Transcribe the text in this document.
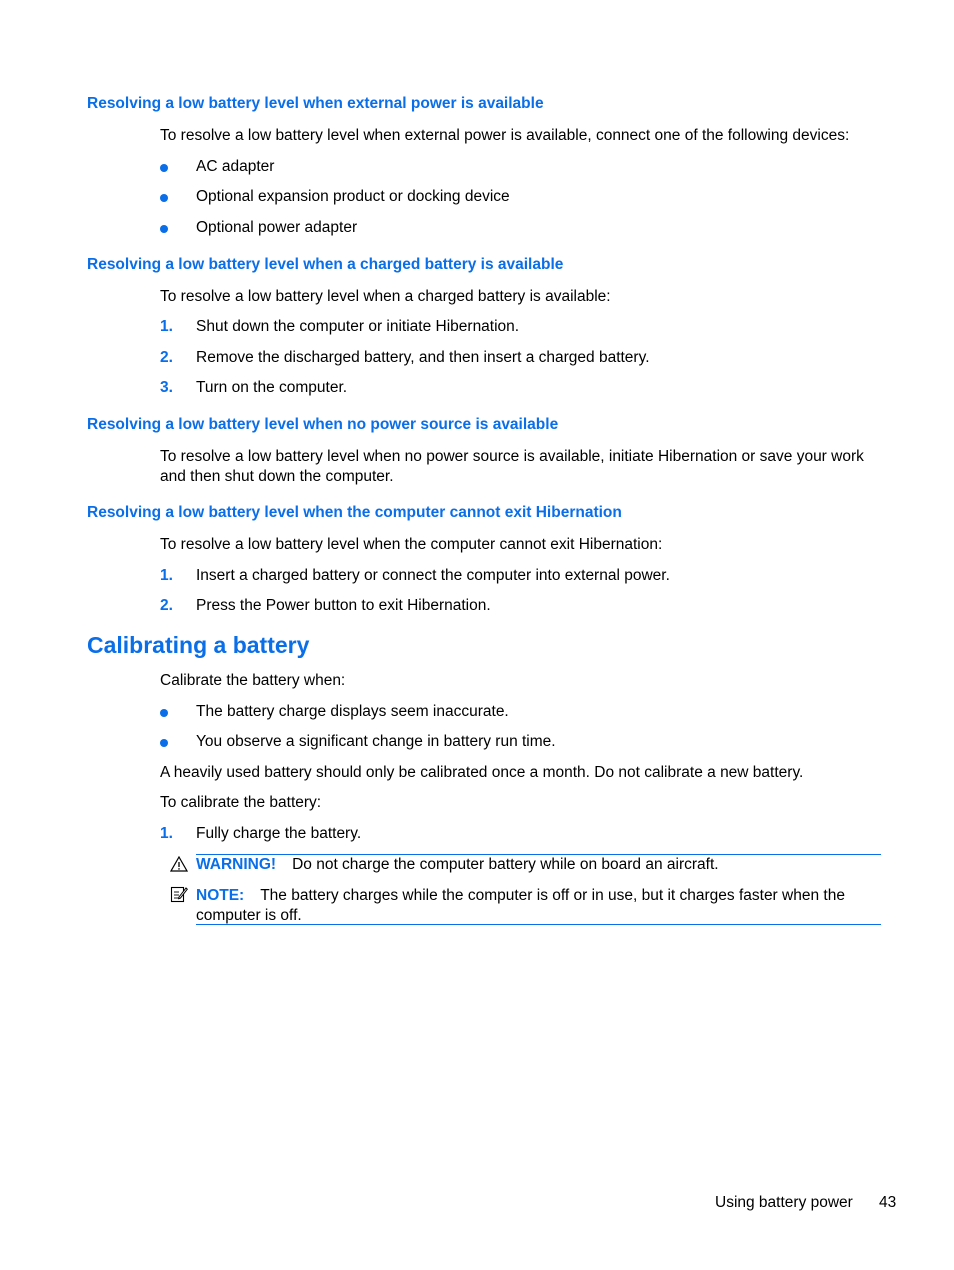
Resolving a low battery level when external power is available
To resolve a low battery level when external power is available, connect one of the following devices:
AC adapter
Optional expansion product or docking device
Optional power adapter
Resolving a low battery level when a charged battery is available
To resolve a low battery level when a charged battery is available:
1. Shut down the computer or initiate Hibernation.
2. Remove the discharged battery, and then insert a charged battery.
3. Turn on the computer.
Resolving a low battery level when no power source is available
To resolve a low battery level when no power source is available, initiate Hibernation or save your work and then shut down the computer.
Resolving a low battery level when the computer cannot exit Hibernation
To resolve a low battery level when the computer cannot exit Hibernation:
1. Insert a charged battery or connect the computer into external power.
2. Press the Power button to exit Hibernation.
Calibrating a battery
Calibrate the battery when:
The battery charge displays seem inaccurate.
You observe a significant change in battery run time.
A heavily used battery should only be calibrated once a month. Do not calibrate a new battery.
To calibrate the battery:
1. Fully charge the battery.
WARNING! Do not charge the computer battery while on board an aircraft.
NOTE: The battery charges while the computer is off or in use, but it charges faster when the computer is off.
Using battery power 43
